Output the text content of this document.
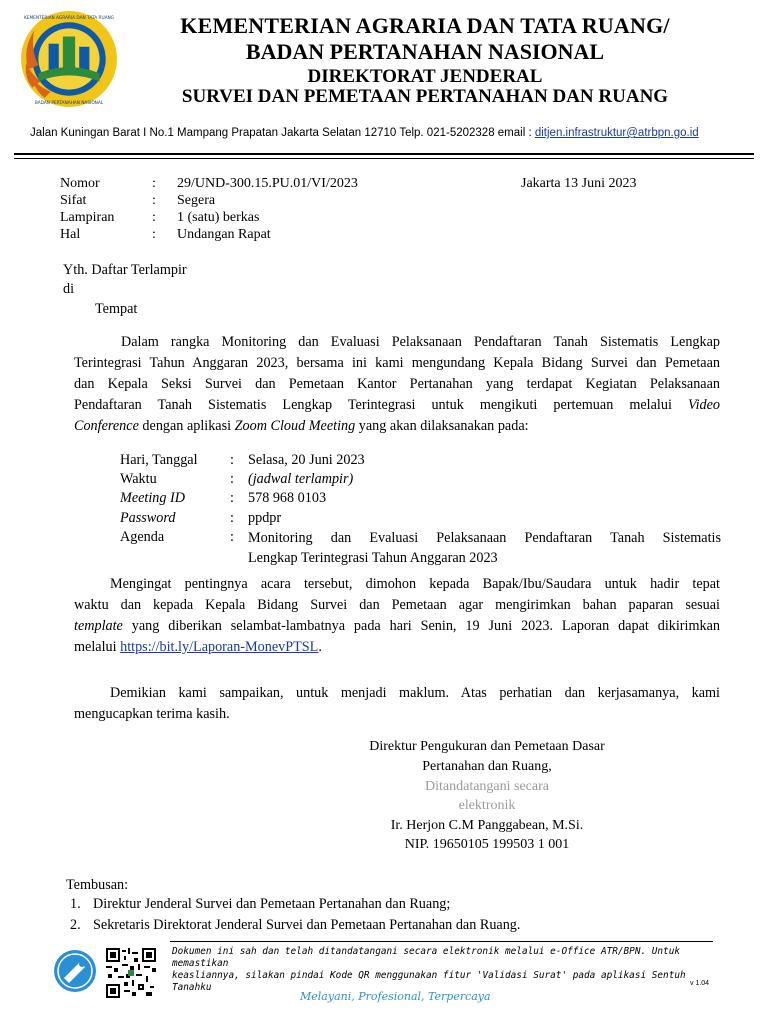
KEMENTERIAN AGRARIA DAN TATA RUANG
BADAN PERTANAHAN NASIONAL
KEMENTERIAN AGRARIA DAN TATA RUANG/
BADAN PERTANAHAN NASIONAL
DIREKTORAT JENDERAL
SURVEI DAN PEMETAAN PERTANAHAN DAN RUANG
Jalan Kuningan Barat I No.1 Mampang Prapatan Jakarta Selatan 12710 Telp. 021-5202328 email : ditjen.infrastruktur@atrbpn.go.id
Nomor	: 29/UND-300.15.PU.01/VI/2023	Jakarta 13 Juni 2023
Sifat	: Segera
Lampiran	: 1 (satu) berkas
Hal	: Undangan Rapat
Yth. Daftar Terlampir
di
Tempat
Dalam rangka Monitoring dan Evaluasi Pelaksanaan Pendaftaran Tanah Sistematis Lengkap
Terintegrasi Tahun Anggaran 2023, bersama ini kami mengundang Kepala Bidang Survei dan Pemetaan
dan Kepala Seksi Survei dan Pemetaan Kantor Pertanahan yang terdapat Kegiatan Pelaksanaan
Pendaftaran Tanah Sistematis Lengkap Terintegrasi untuk mengikuti pertemuan melalui Video
Conference dengan aplikasi Zoom Cloud Meeting yang akan dilaksanakan pada:
Hari, Tanggal : Selasa, 20 Juni 2023
Waktu	: (jadwal terlampir)
Meeting ID	: 578 968 0103
Password	: ppdpr
Agenda	: Monitoring dan Evaluasi Pelaksanaan Pendaftaran Tanah Sistematis
Lengkap Terintegrasi Tahun Anggaran 2023
Mengingat pentingnya acara tersebut, dimohon kepada Bapak/Ibu/Saudara untuk hadir tepat
waktu dan kepada Kepala Bidang Survei dan Pemetaan agar mengirimkan bahan paparan sesuai
template yang diberikan selambat-lambatnya pada hari Senin, 19 Juni 2023. Laporan dapat dikirimkan
melalui https://bit.ly/Laporan-MonevPTSL.
Demikian kami sampaikan, untuk menjadi maklum. Atas perhatian dan kerjasamanya, kami
mengucapkan terima kasih.
Direktur Pengukuran dan Pemetaan Dasar
Pertanahan dan Ruang,
Ditandatangani secara
elektronik
Ir. Herjon C.M Panggabean, M.Si.
NIP. 19650105 199503 1 001
Tembusan:
1. Direktur Jenderal Survei dan Pemetaan Pertanahan dan Ruang;
2. Sekretaris Direktorat Jenderal Survei dan Pemetaan Pertanahan dan Ruang.
Dokumen ini sah dan telah ditandatangani secara elektronik melalui e-Office ATR/BPN. Untuk memastikan
keasliannya, silakan pindai Kode QR menggunakan fitur 'Validasi Surat' pada aplikasi Sentuh Tanahku	v 1.04
Melayani, Profesional, Terpercaya
